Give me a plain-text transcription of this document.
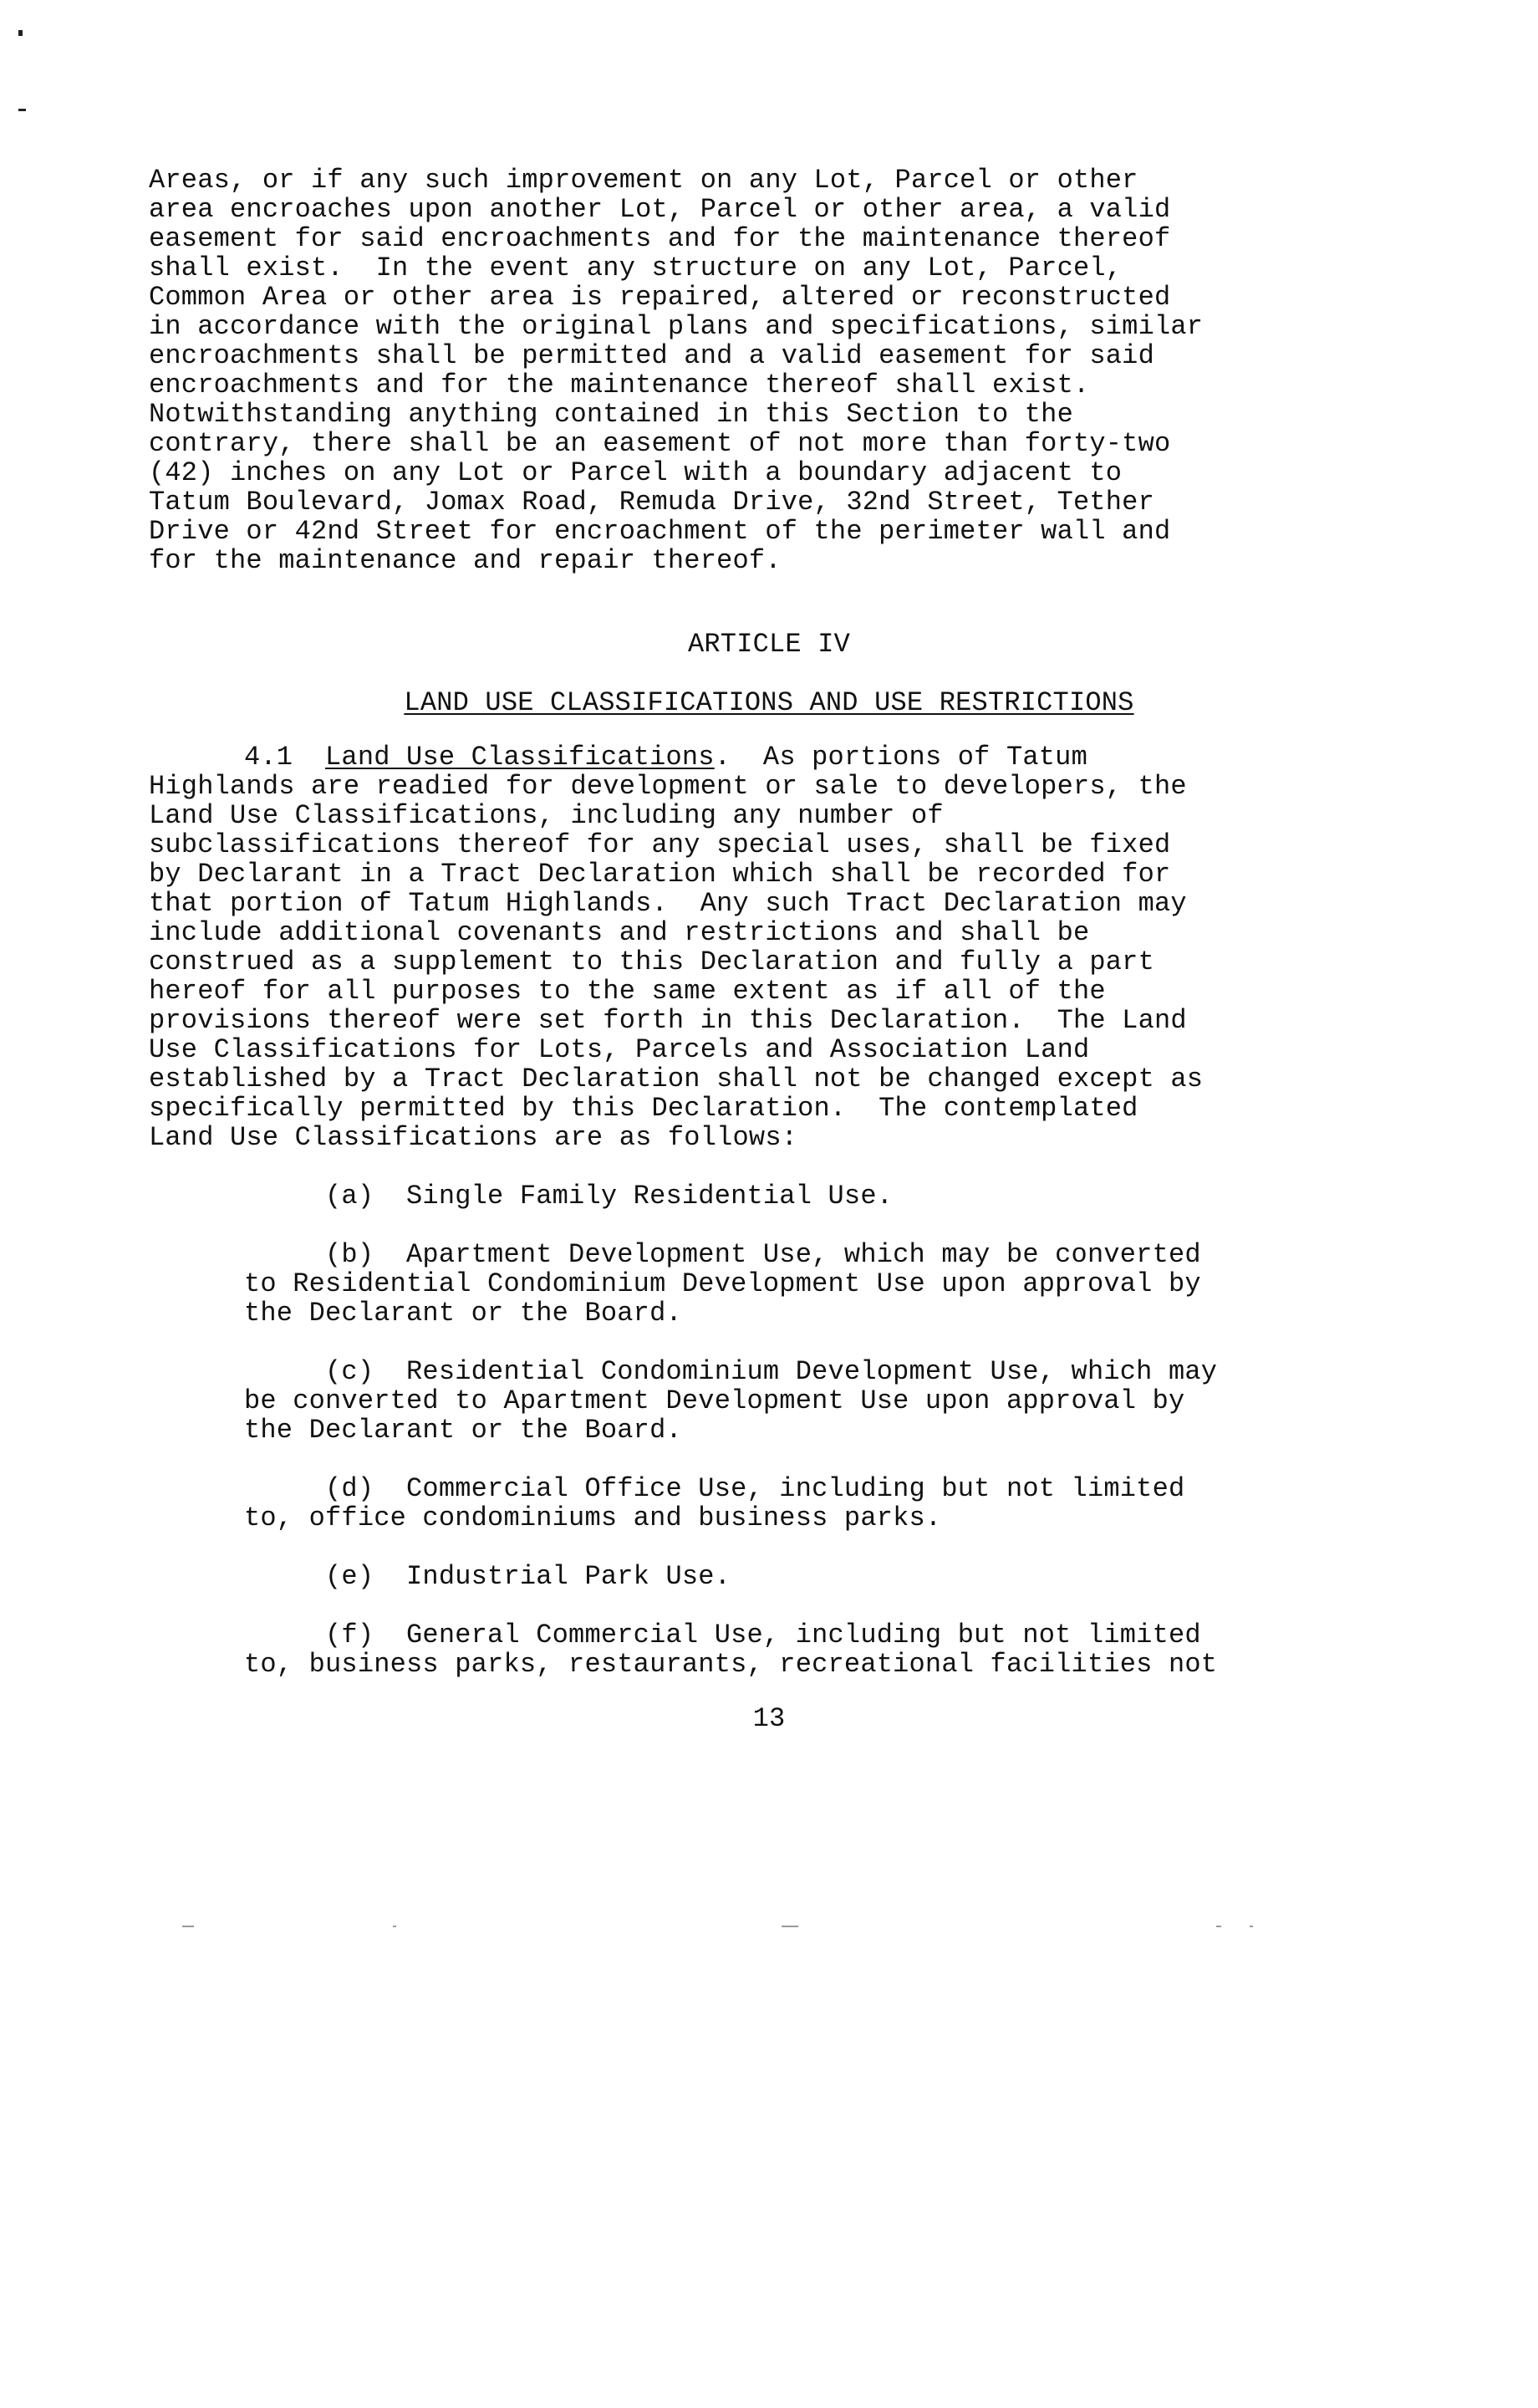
Areas, or if any such improvement on any Lot, Parcel or other
area encroaches upon another Lot, Parcel or other area, a valid
easement for said encroachments and for the maintenance thereof
shall exist.  In the event any structure on any Lot, Parcel,
Common Area or other area is repaired, altered or reconstructed
in accordance with the original plans and specifications, similar
encroachments shall be permitted and a valid easement for said
encroachments and for the maintenance thereof shall exist.
Notwithstanding anything contained in this Section to the
contrary, there shall be an easement of not more than forty-two
(42) inches on any Lot or Parcel with a boundary adjacent to
Tatum Boulevard, Jomax Road, Remuda Drive, 32nd Street, Tether
Drive or 42nd Street for encroachment of the perimeter wall and
for the maintenance and repair thereof.
ARTICLE IV
LAND USE CLASSIFICATIONS AND USE RESTRICTIONS
4.1 Land Use Classifications.  As portions of Tatum
Highlands are readied for development or sale to developers, the
Land Use Classifications, including any number of
subclassifications thereof for any special uses, shall be fixed
by Declarant in a Tract Declaration which shall be recorded for
that portion of Tatum Highlands.  Any such Tract Declaration may
include additional covenants and restrictions and shall be
construed as a supplement to this Declaration and fully a part
hereof for all purposes to the same extent as if all of the
provisions thereof were set forth in this Declaration.  The Land
Use Classifications for Lots, Parcels and Association Land
established by a Tract Declaration shall not be changed except as
specifically permitted by this Declaration.  The contemplated
Land Use Classifications are as follows:
(a)  Single Family Residential Use.
(b)  Apartment Development Use, which may be converted
to Residential Condominium Development Use upon approval by
the Declarant or the Board.
(c)  Residential Condominium Development Use, which may
be converted to Apartment Development Use upon approval by
the Declarant or the Board.
(d)  Commercial Office Use, including but not limited
to, office condominiums and business parks.
(e)  Industrial Park Use.
(f)  General Commercial Use, including but not limited
to, business parks, restaurants, recreational facilities not
13
